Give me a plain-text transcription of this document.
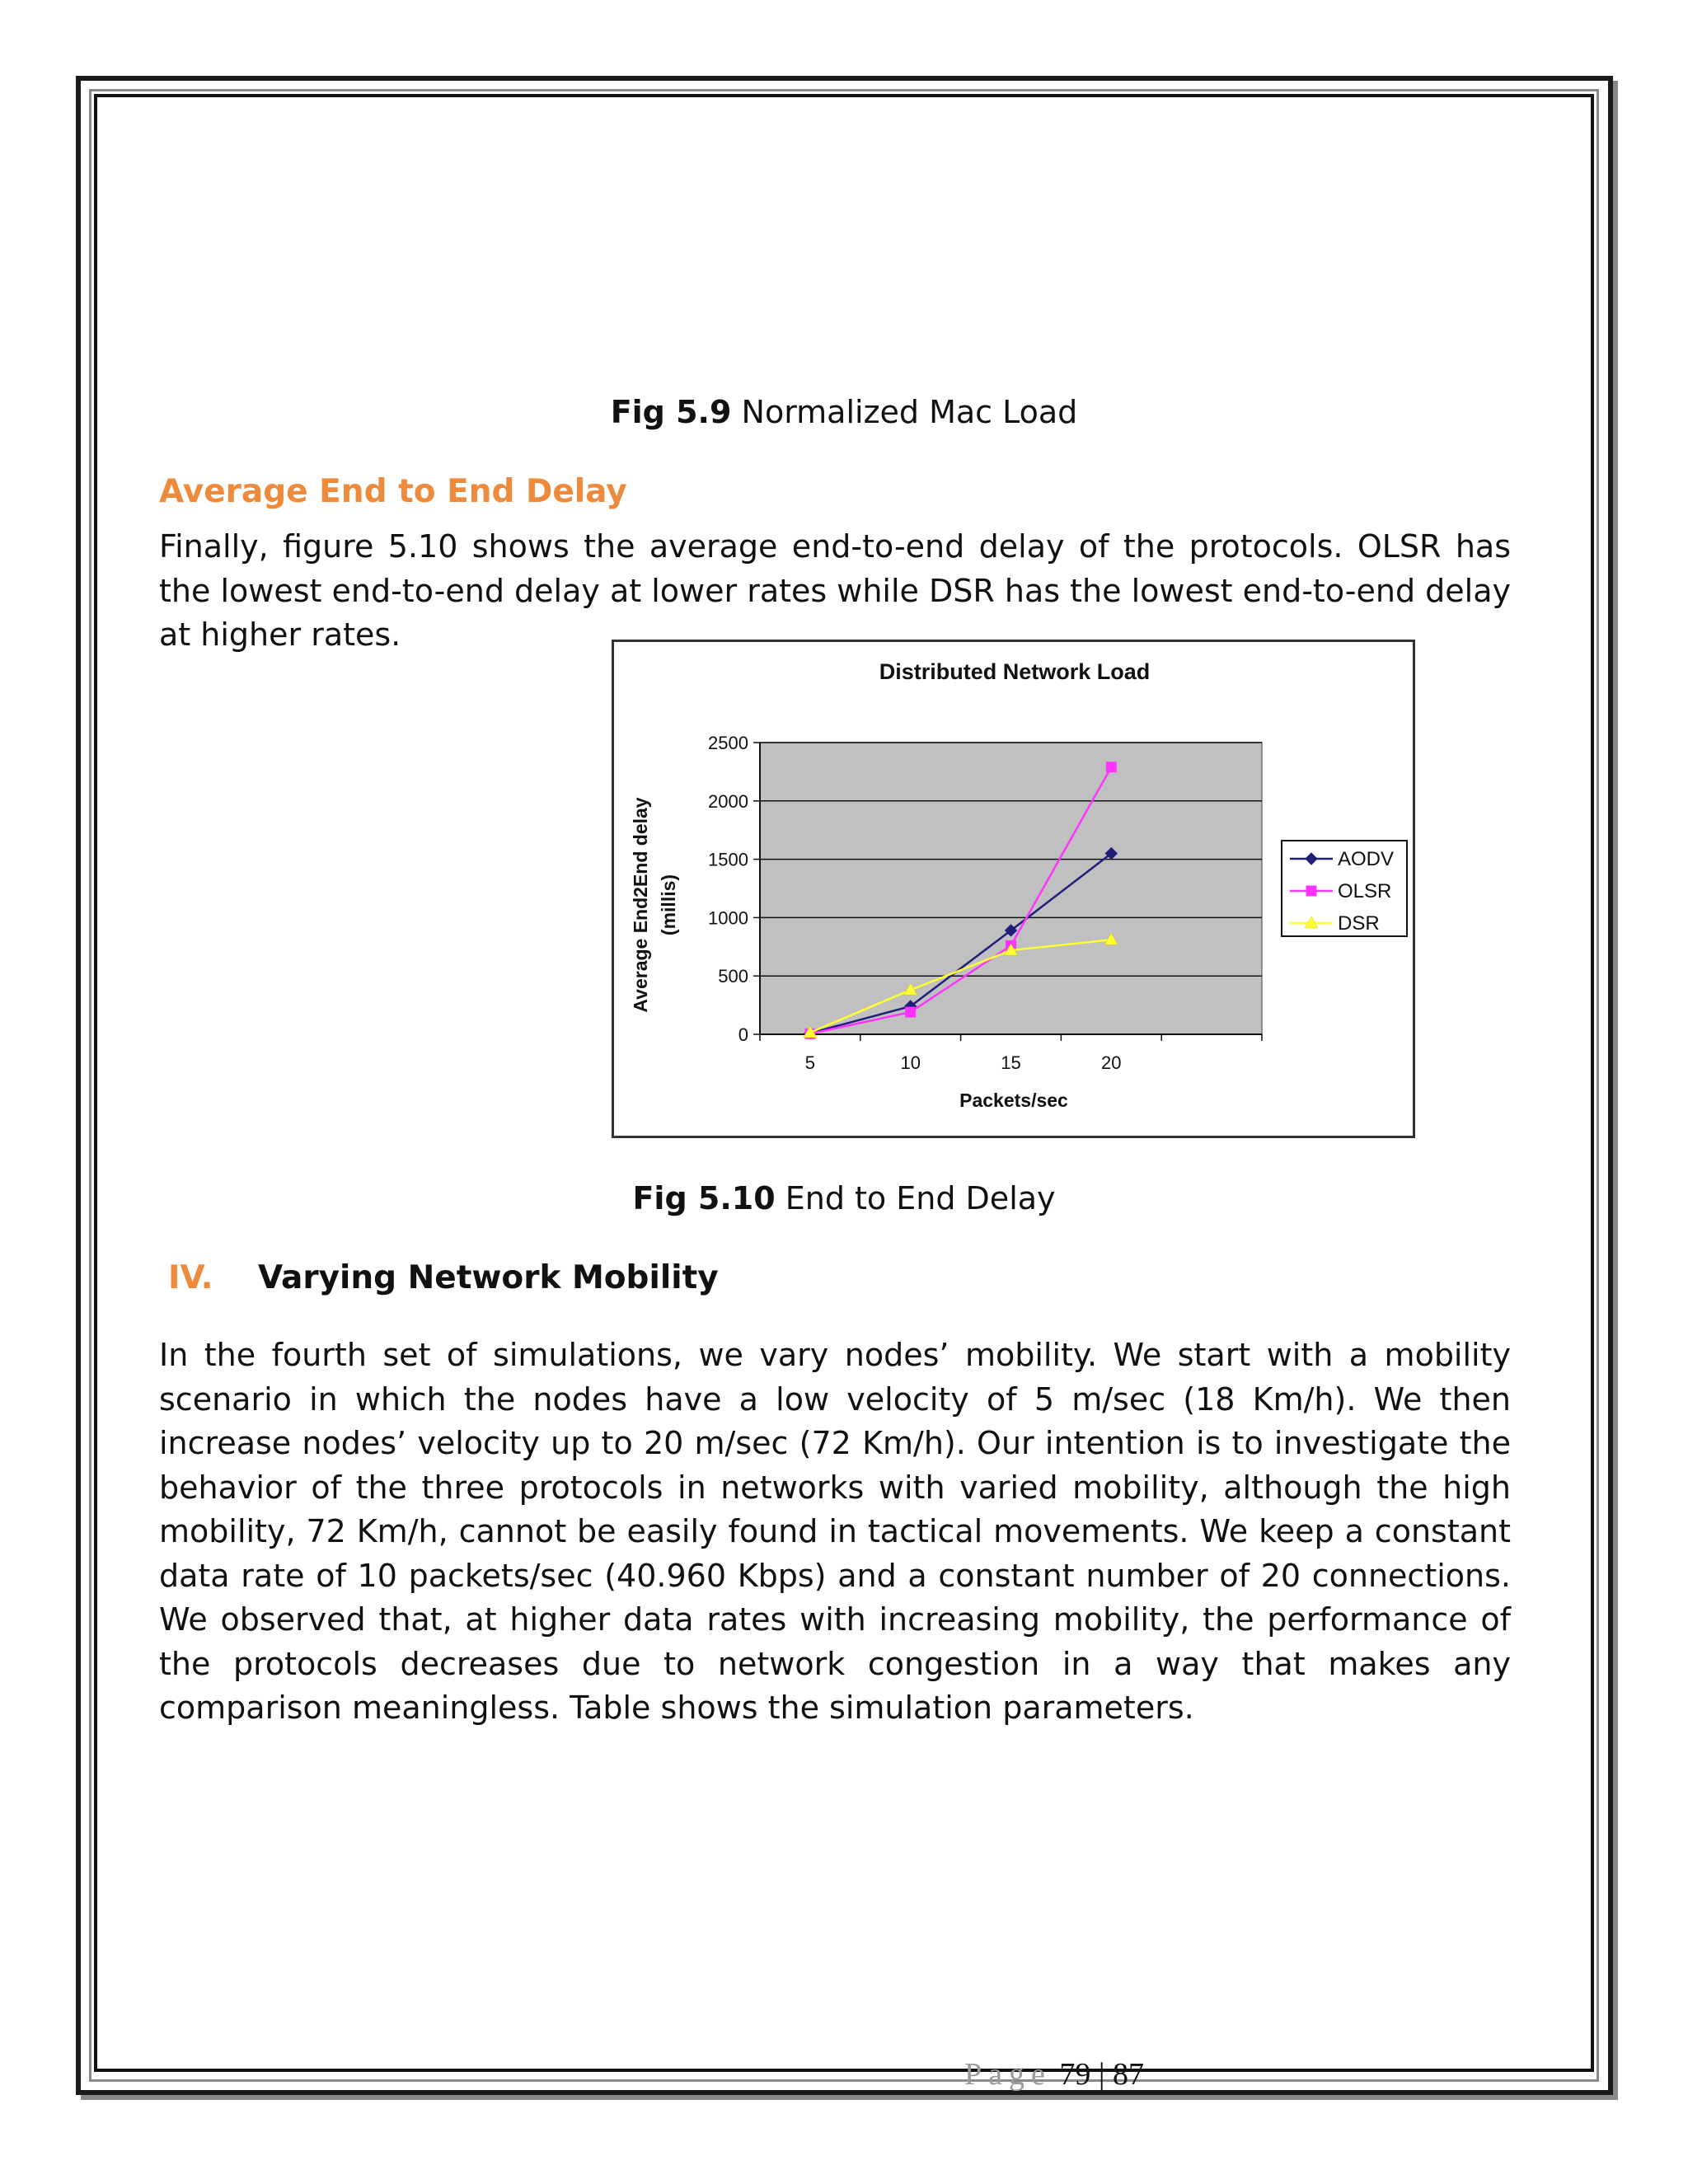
Fig 5.9 Normalized Mac Load
Average End to End Delay
Finally, figure 5.10 shows the average end-to-end delay of the protocols. OLSR has the lowest end-to-end delay at lower rates while DSR has the lowest end-to-end delay at higher rates.
Distributed Network Load
0
500
1000
1500
2000
2500
5	10	15	20
Packets/sec
Average End2End delay (millis)
AODV
OLSR
DSR
Fig 5.10 End to End Delay
IV. Varying Network Mobility
In the fourth set of simulations, we vary nodes’ mobility. We start with a mobility scenario in which the nodes have a low velocity of 5 m/sec (18 Km/h). We then increase nodes’ velocity up to 20 m/sec (72 Km/h). Our intention is to investigate the behavior of the three protocols in networks with varied mobility, although the high mobility, 72 Km/h, cannot be easily found in tactical movements. We keep a constant data rate of 10 packets/sec (40.960 Kbps) and a constant number of 20 connections. We observed that, at higher data rates with increasing mobility, the performance of the protocols decreases due to network congestion in a way that makes any comparison meaningless. Table shows the simulation parameters.
Page 79 | 87
